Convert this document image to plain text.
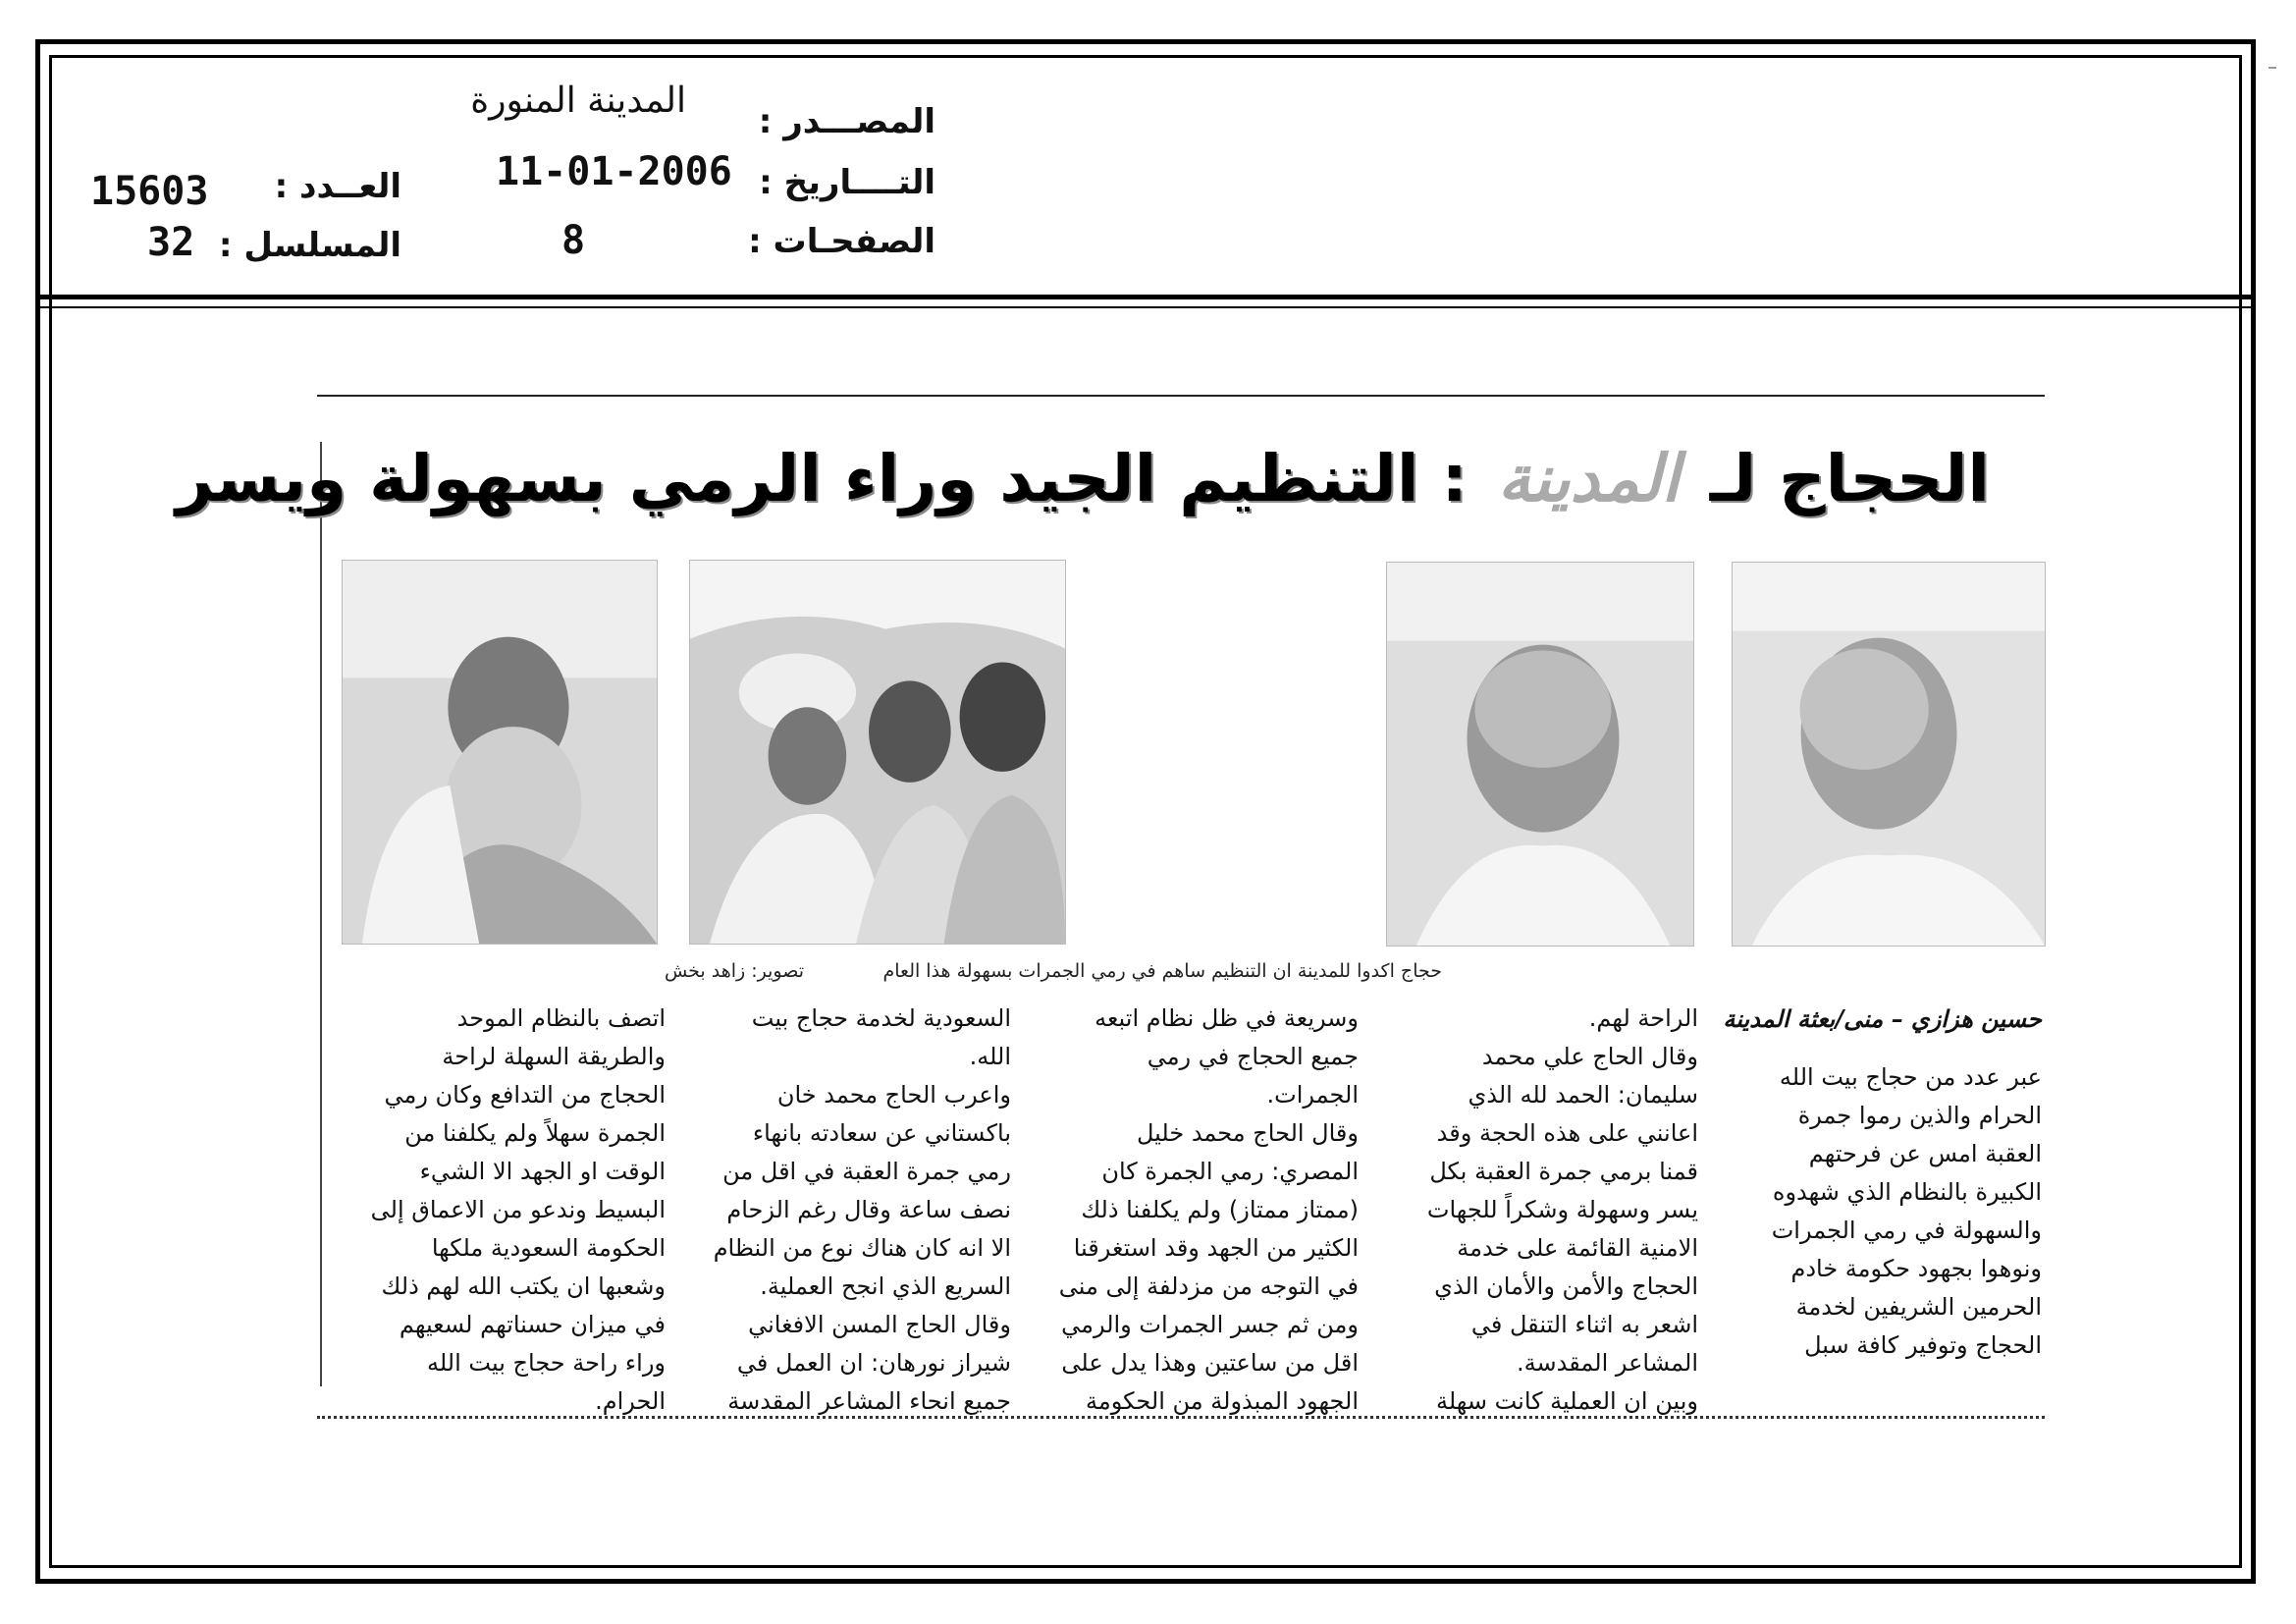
المدينة المنورة
المصـــدر :
11-01-2006 التــــاريخ :
8	الصفحـات :
15603 العــدد :
32 المسلسل :
الحجاج لـ المدينة : التنظيم الجيد وراء الرمي بسهولة ويسر
حجاج اكدوا للمدينة ان التنظيم ساهم في رمي الجمرات بسهولة هذا العام
تصوير: زاهد بخش
حسين هزازي – منى/بعثة المدينة
عبر عدد من حجاج بيت الله
الحرام والذين رموا جمرة
العقبة امس عن فرحتهم
الكبيرة بالنظام الذي شهدوه
والسهولة في رمي الجمرات
ونوهوا بجهود حكومة خادم
الحرمين الشريفين لخدمة
الحجاج وتوفير كافة سبل
الراحة لهم.
وقال الحاج علي محمد
سليمان: الحمد لله الذي
اعانني على هذه الحجة وقد
قمنا برمي جمرة العقبة بكل
يسر وسهولة وشكراً للجهات
الامنية القائمة على خدمة
الحجاج والأمن والأمان الذي
اشعر به اثناء التنقل في
المشاعر المقدسة.
وبين ان العملية كانت سهلة
وسريعة في ظل نظام اتبعه
جميع الحجاج في رمي
الجمرات.
وقال الحاج محمد خليل
المصري: رمي الجمرة كان
(ممتاز ممتاز) ولم يكلفنا ذلك
الكثير من الجهد وقد استغرقنا
في التوجه من مزدلفة إلى منى
ومن ثم جسر الجمرات والرمي
اقل من ساعتين وهذا يدل على
الجهود المبذولة من الحكومة
السعودية لخدمة حجاج بيت
الله.
واعرب الحاج محمد خان
باكستاني عن سعادته بانهاء
رمي جمرة العقبة في اقل من
نصف ساعة وقال رغم الزحام
الا انه كان هناك نوع من النظام
السريع الذي انجح العملية.
وقال الحاج المسن الافغاني
شيراز نورهان: ان العمل في
جميع انحاء المشاعر المقدسة
اتصف بالنظام الموحد
والطريقة السهلة لراحة
الحجاج من التدافع وكان رمي
الجمرة سهلاً ولم يكلفنا من
الوقت او الجهد الا الشيء
البسيط وندعو من الاعماق إلى
الحكومة السعودية ملكها
وشعبها ان يكتب الله لهم ذلك
في ميزان حسناتهم لسعيهم
وراء راحة حجاج بيت الله
الحرام.
